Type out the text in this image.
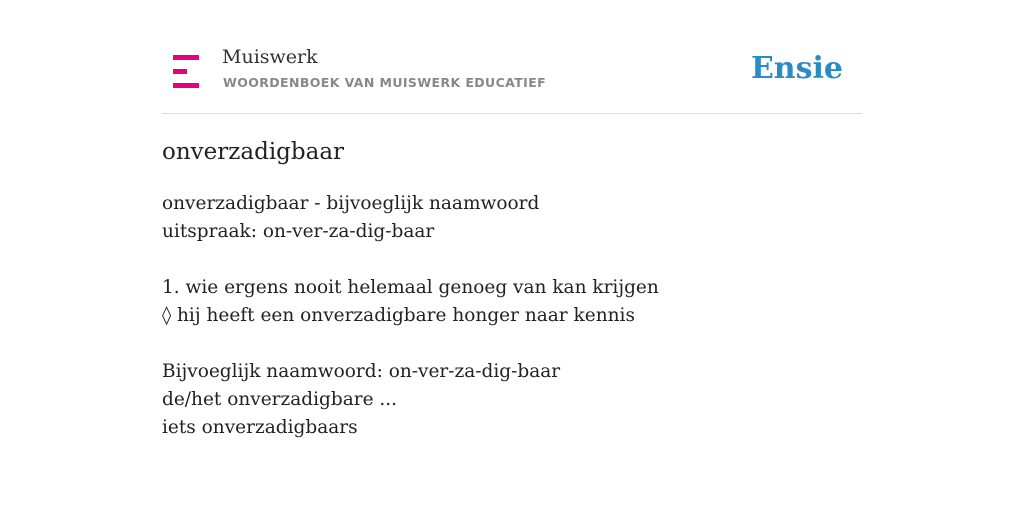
Muiswerk
WOORDENBOEK VAN MUISWERK EDUCATIEF	Ensie
onverzadigbaar
onverzadigbaar - bijvoeglijk naamwoord
uitspraak: on-ver-za-dig-baar
1. wie ergens nooit helemaal genoeg van kan krijgen
◊ hij heeft een onverzadigbare honger naar kennis
Bijvoeglijk naamwoord: on-ver-za-dig-baar
de/het onverzadigbare ...
iets onverzadigbaars
